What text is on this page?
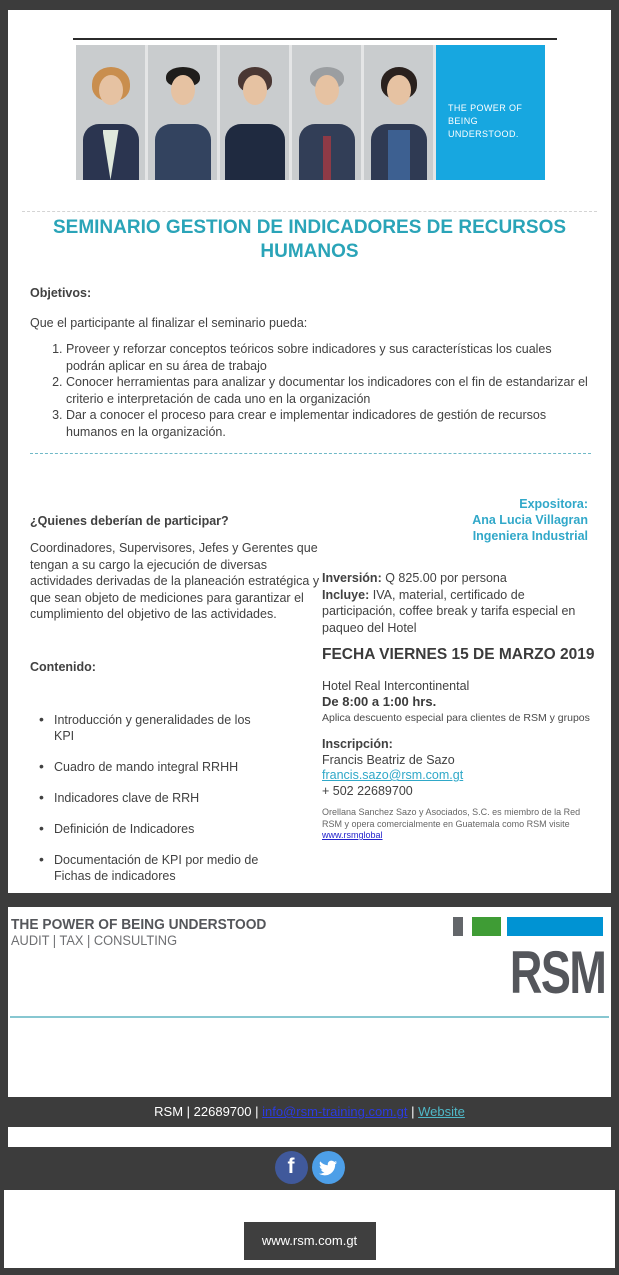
THE POWER OF
BEING UNDERSTOOD.
SEMINARIO GESTION DE INDICADORES DE RECURSOS HUMANOS
Objetivos:
Que el participante al finalizar el seminario pueda:
1. Proveer y reforzar conceptos teóricos sobre indicadores y sus características los cuales podrán aplicar en su área de trabajo
2. Conocer herramientas para analizar y documentar los indicadores con el fin de estandarizar el criterio e interpretación de cada uno en la organización
3. Dar a conocer el proceso para crear e implementar indicadores de gestión de recursos humanos en la organización.
¿Quienes deberían de participar?
Coordinadores, Supervisores, Jefes y Gerentes que tengan a su cargo la ejecución de diversas actividades derivadas de la planeación estratégica y que sean objeto de mediciones para garantizar el cumplimiento del objetivo de las actividades.
Expositora:
Ana Lucia Villagran
Ingeniera Industrial
Inversión: Q 825.00 por persona
Incluye: IVA, material, certificado de participación, coffee break y tarifa especial en paqueo del Hotel
FECHA VIERNES 15 DE MARZO 2019
Hotel Real Intercontinental
De 8:00 a 1:00 hrs.
Aplica descuento especial para clientes de RSM y grupos
Inscripción:
Francis Beatriz de Sazo
francis.sazo@rsm.com.gt
+ 502 22689700
Orellana Sanchez Sazo y Asociados, S.C. es miembro de la Red RSM y opera comercialmente en Guatemala como RSM visite www.rsmglobal
Contenido:
• Introducción y generalidades de los KPI
• Cuadro de mando integral RRHH
• Indicadores clave de RRH
• Definición de Indicadores
• Documentación de KPI por medio de Fichas de indicadores
THE POWER OF BEING UNDERSTOOD
AUDIT | TAX | CONSULTING	RSM
RSM | 22689700 | info@rsm-training.com.gt | Website
f
www.rsm.com.gt
